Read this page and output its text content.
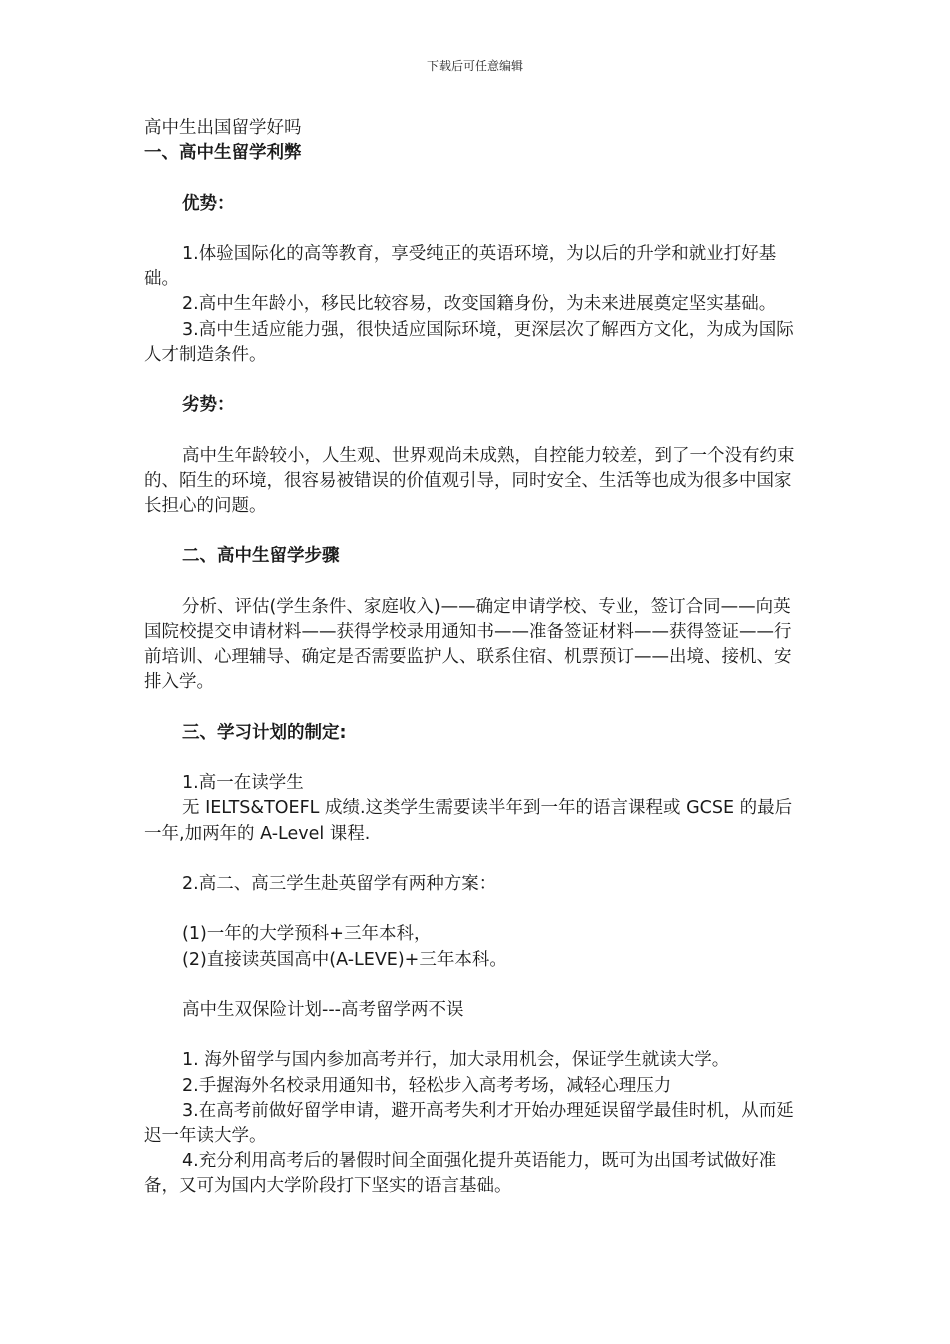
下载后可任意编辑

高中生出国留学好吗

一、高中生留学利弊

优势：

1.体验国际化的高等教育，享受纯正的英语环境，为以后的升学和就业打好基础。

2.高中生年龄小，移民比较容易，改变国籍身份，为未来进展奠定坚实基础。

3.高中生适应能力强，很快适应国际环境，更深层次了解西方文化，为成为国际人才制造条件。

劣势：

高中生年龄较小，人生观、世界观尚未成熟，自控能力较差，到了一个没有约束的、陌生的环境，很容易被错误的价值观引导，同时安全、生活等也成为很多中国家长担心的问题。

二、高中生留学步骤

分析、评估(学生条件、家庭收入)——确定申请学校、专业，签订合同——向英国院校提交申请材料——获得学校录用通知书——准备签证材料——获得签证——行前培训、心理辅导、确定是否需要监护人、联系住宿、机票预订——出境、接机、安排入学。

三、学习计划的制定:

1.高一在读学生

无 IELTS&TOEFL 成绩.这类学生需要读半年到一年的语言课程或 GCSE 的最后一年,加两年的 A-Level 课程.

2.高二、高三学生赴英留学有两种方案：

(1)一年的大学预科+三年本科，

(2)直接读英国高中(A-LEVE)+三年本科。

高中生双保险计划---高考留学两不误

1. 海外留学与国内参加高考并行，加大录用机会，保证学生就读大学。

2.手握海外名校录用通知书，轻松步入高考考场，减轻心理压力

3.在高考前做好留学申请，避开高考失利才开始办理延误留学最佳时机，从而延迟一年读大学。

4.充分利用高考后的暑假时间全面强化提升英语能力，既可为出国考试做好准备，又可为国内大学阶段打下坚实的语言基础。
